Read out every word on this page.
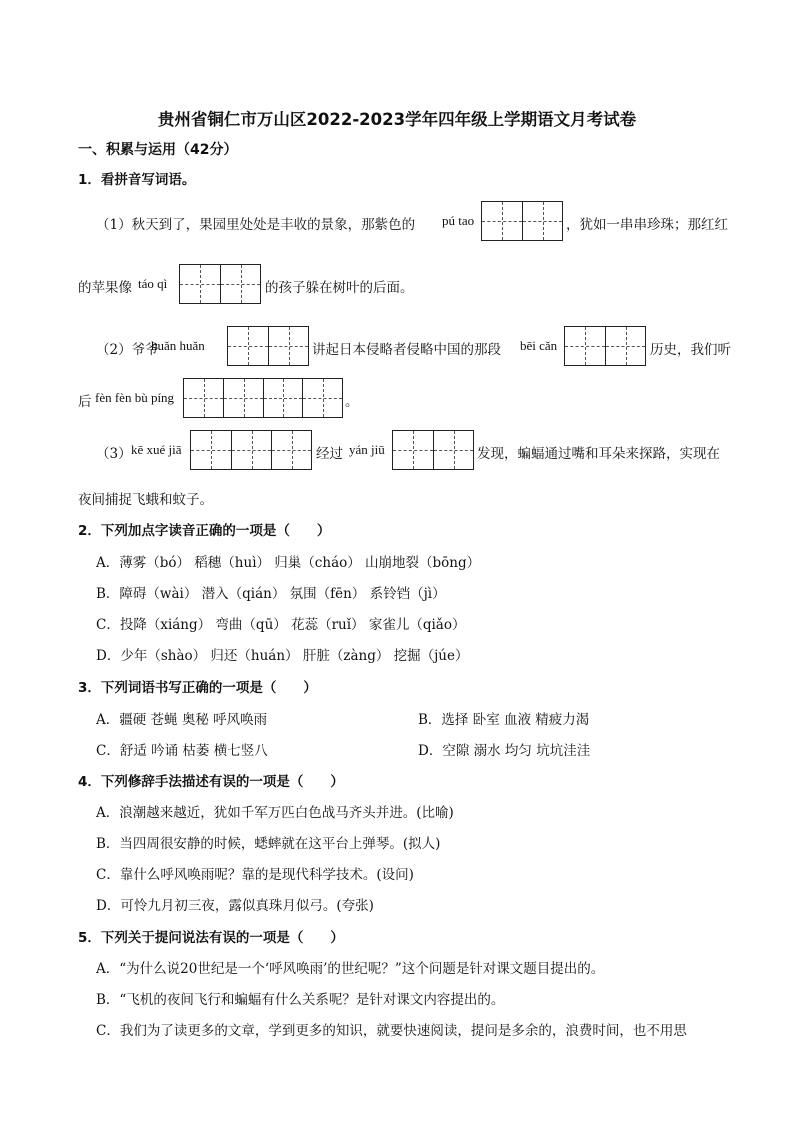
贵州省铜仁市万山区2022-2023学年四年级上学期语文月考试卷
一、积累与运用（42分）
1．看拼音写词语。
（1）秋天到了，果园里处处是丰收的景象，那紫色的 pú tao	，犹如一串串珍珠；那红红
的苹果像 táo qì	的孩子躲在树叶的后面。
（2）爷爷
huǎn huǎn	讲起日本侵略者侵略中国的那段 bēi cǎn	历史，我们听
后 fèn fèn bù píng	。
（3） kē xué jiā	经过 yán jiū	发现，蝙蝠通过嘴和耳朵来探路，实现在
夜间捕捉飞蛾和蚊子。
2．下列加点字读音正确的一项是（　　）
A．薄雾（bó） 稻穗（huì） 归巢（cháo） 山崩地裂（bōng）
B．障碍（wài） 潜入（qián） 氛围（fēn） 系铃铛（jì）
C．投降（xiáng） 弯曲（qū） 花蕊（ruǐ） 家雀儿（qiǎo）
D．少年（shào） 归还（huán） 肝脏（zàng） 挖掘（júe）
3．下列词语书写正确的一项是（　　）
A．疆硬 苍蝇 奥秘 呼风唤雨	B．选择 卧室 血液 精疲力渴
C．舒适 吟诵 枯萎 横七竖八	D．空隙 溺水 均匀 坑坑洼洼
4．下列修辞手法描述有误的一项是（　　）
A．浪潮越来越近，犹如千军万匹白色战马齐头并进。(比喻)
B．当四周很安静的时候，蟋蟀就在这平台上弹琴。(拟人)
C．靠什么呼风唤雨呢？靠的是现代科学技术。(设问)
D．可怜九月初三夜，露似真珠月似弓。(夸张)
5．下列关于提问说法有误的一项是（　　）
A．“为什么说20世纪是一个‘呼风唤雨’的世纪呢？”这个问题是针对课文题目提出的。
B．“飞机的夜间飞行和蝙蝠有什么关系呢？是针对课文内容提出的。
C．我们为了读更多的文章，学到更多的知识，就要快速阅读，提问是多余的，浪费时间，也不用思
